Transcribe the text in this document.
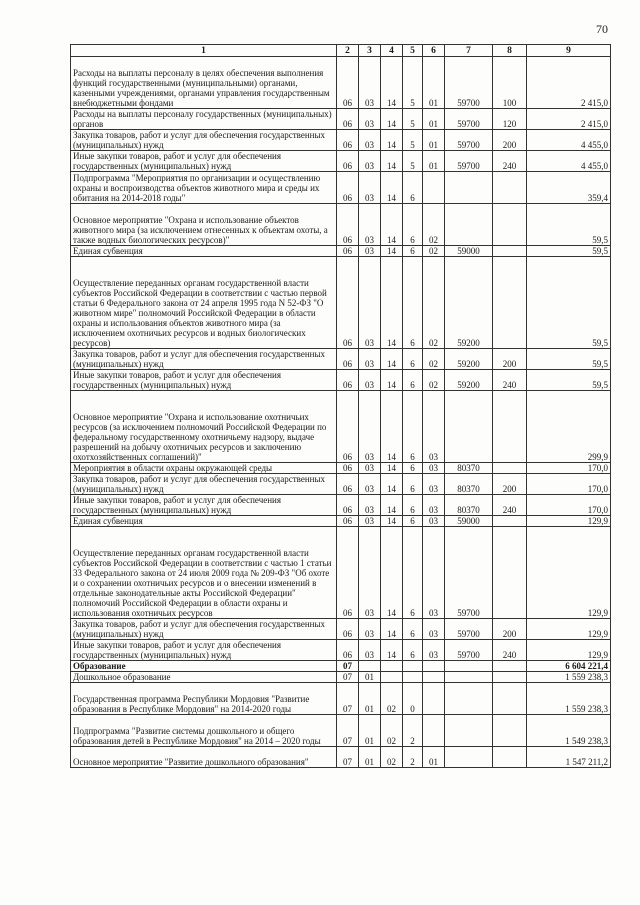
70
1	2	3	4	5	6	7	8	9
Расходы на выплаты персоналу в целях обеспечения выполнения функций государственными (муниципальными) органами, казенными учреждениями, органами управления государственным внебюджетными фондами	06	03	14	5	01	59700	100	2 415,0
Расходы на выплаты персоналу государственных (муниципальных) органов	06	03	14	5	01	59700	120	2 415,0
Закупка товаров, работ и услуг для обеспечения государственных (муниципальных) нужд	06	03	14	5	01	59700	200	4 455,0
Иные закупки товаров, работ и услуг для обеспечения государственных (муниципальных) нужд	06	03	14	5	01	59700	240	4 455,0
Подпрограмма "Мероприятия по организации и осуществлению охраны и воспроизводства объектов животного мира и среды их обитания на 2014-2018 годы"	06	03	14	6				359,4
Основное мероприятие "Охрана и использование объектов животного мира (за исключением отнесенных к объектам охоты, а также водных биологических ресурсов)"	06	03	14	6	02			59,5
Единая субвенция	06	03	14	6	02	59000		59,5
Осуществление переданных органам государственной власти субъектов Российской Федерации в соответствии с частью первой статьи 6 Федерального закона от 24 апреля 1995 года N 52-ФЗ "О животном мире" полномочий Российской Федерации в области охраны и использования объектов животного мира (за исключением охотничьих ресурсов и водных биологических ресурсов)	06	03	14	6	02	59200		59,5
Закупка товаров, работ и услуг для обеспечения государственных (муниципальных) нужд	06	03	14	6	02	59200	200	59,5
Иные закупки товаров, работ и услуг для обеспечения государственных (муниципальных) нужд	06	03	14	6	02	59200	240	59,5
Основное мероприятие "Охрана и использование охотничьих ресурсов (за исключением полномочий Российской Федерации по федеральному государственному охотничьему надзору, выдаче разрешений на добычу охотничьих ресурсов и заключению охотхозяйственных соглашений)"	06	03	14	6	03			299,9
Мероприятия в области охраны окружающей среды	06	03	14	6	03	80370		170,0
Закупка товаров, работ и услуг для обеспечения государственных (муниципальных) нужд	06	03	14	6	03	80370	200	170,0
Иные закупки товаров, работ и услуг для обеспечения государственных (муниципальных) нужд	06	03	14	6	03	80370	240	170,0
Единая субвенция	06	03	14	6	03	59000		129,9
Осуществление переданных органам государственной власти субъектов Российской Федерации в соответствии с частью 1 статьи 33 Федерального закона от 24 июля 2009 года № 209-ФЗ "Об охоте и о сохранении охотничьих ресурсов и о внесении изменений в отдельные законодательные акты Российской Федерации" полномочий Российской Федерации в области охраны и использования охотничьих ресурсов	06	03	14	6	03	59700		129,9
Закупка товаров, работ и услуг для обеспечения государственных (муниципальных) нужд	06	03	14	6	03	59700	200	129,9
Иные закупки товаров, работ и услуг для обеспечения государственных (муниципальных) нужд	06	03	14	6	03	59700	240	129,9
Образование	07							6 604 221,4
Дошкольное образование	07	01						1 559 238,3
Государственная программа Республики Мордовия "Развитие образования в Республике Мордовия" на 2014-2020 годы	07	01	02	0				1 559 238,3
Подпрограмма "Развитие системы дошкольного и общего образования детей в Республике Мордовия" на 2014 – 2020 годы	07	01	02	2				1 549 238,3
Основное мероприятие "Развитие дошкольного образования"	07	01	02	2	01			1 547 211,2
